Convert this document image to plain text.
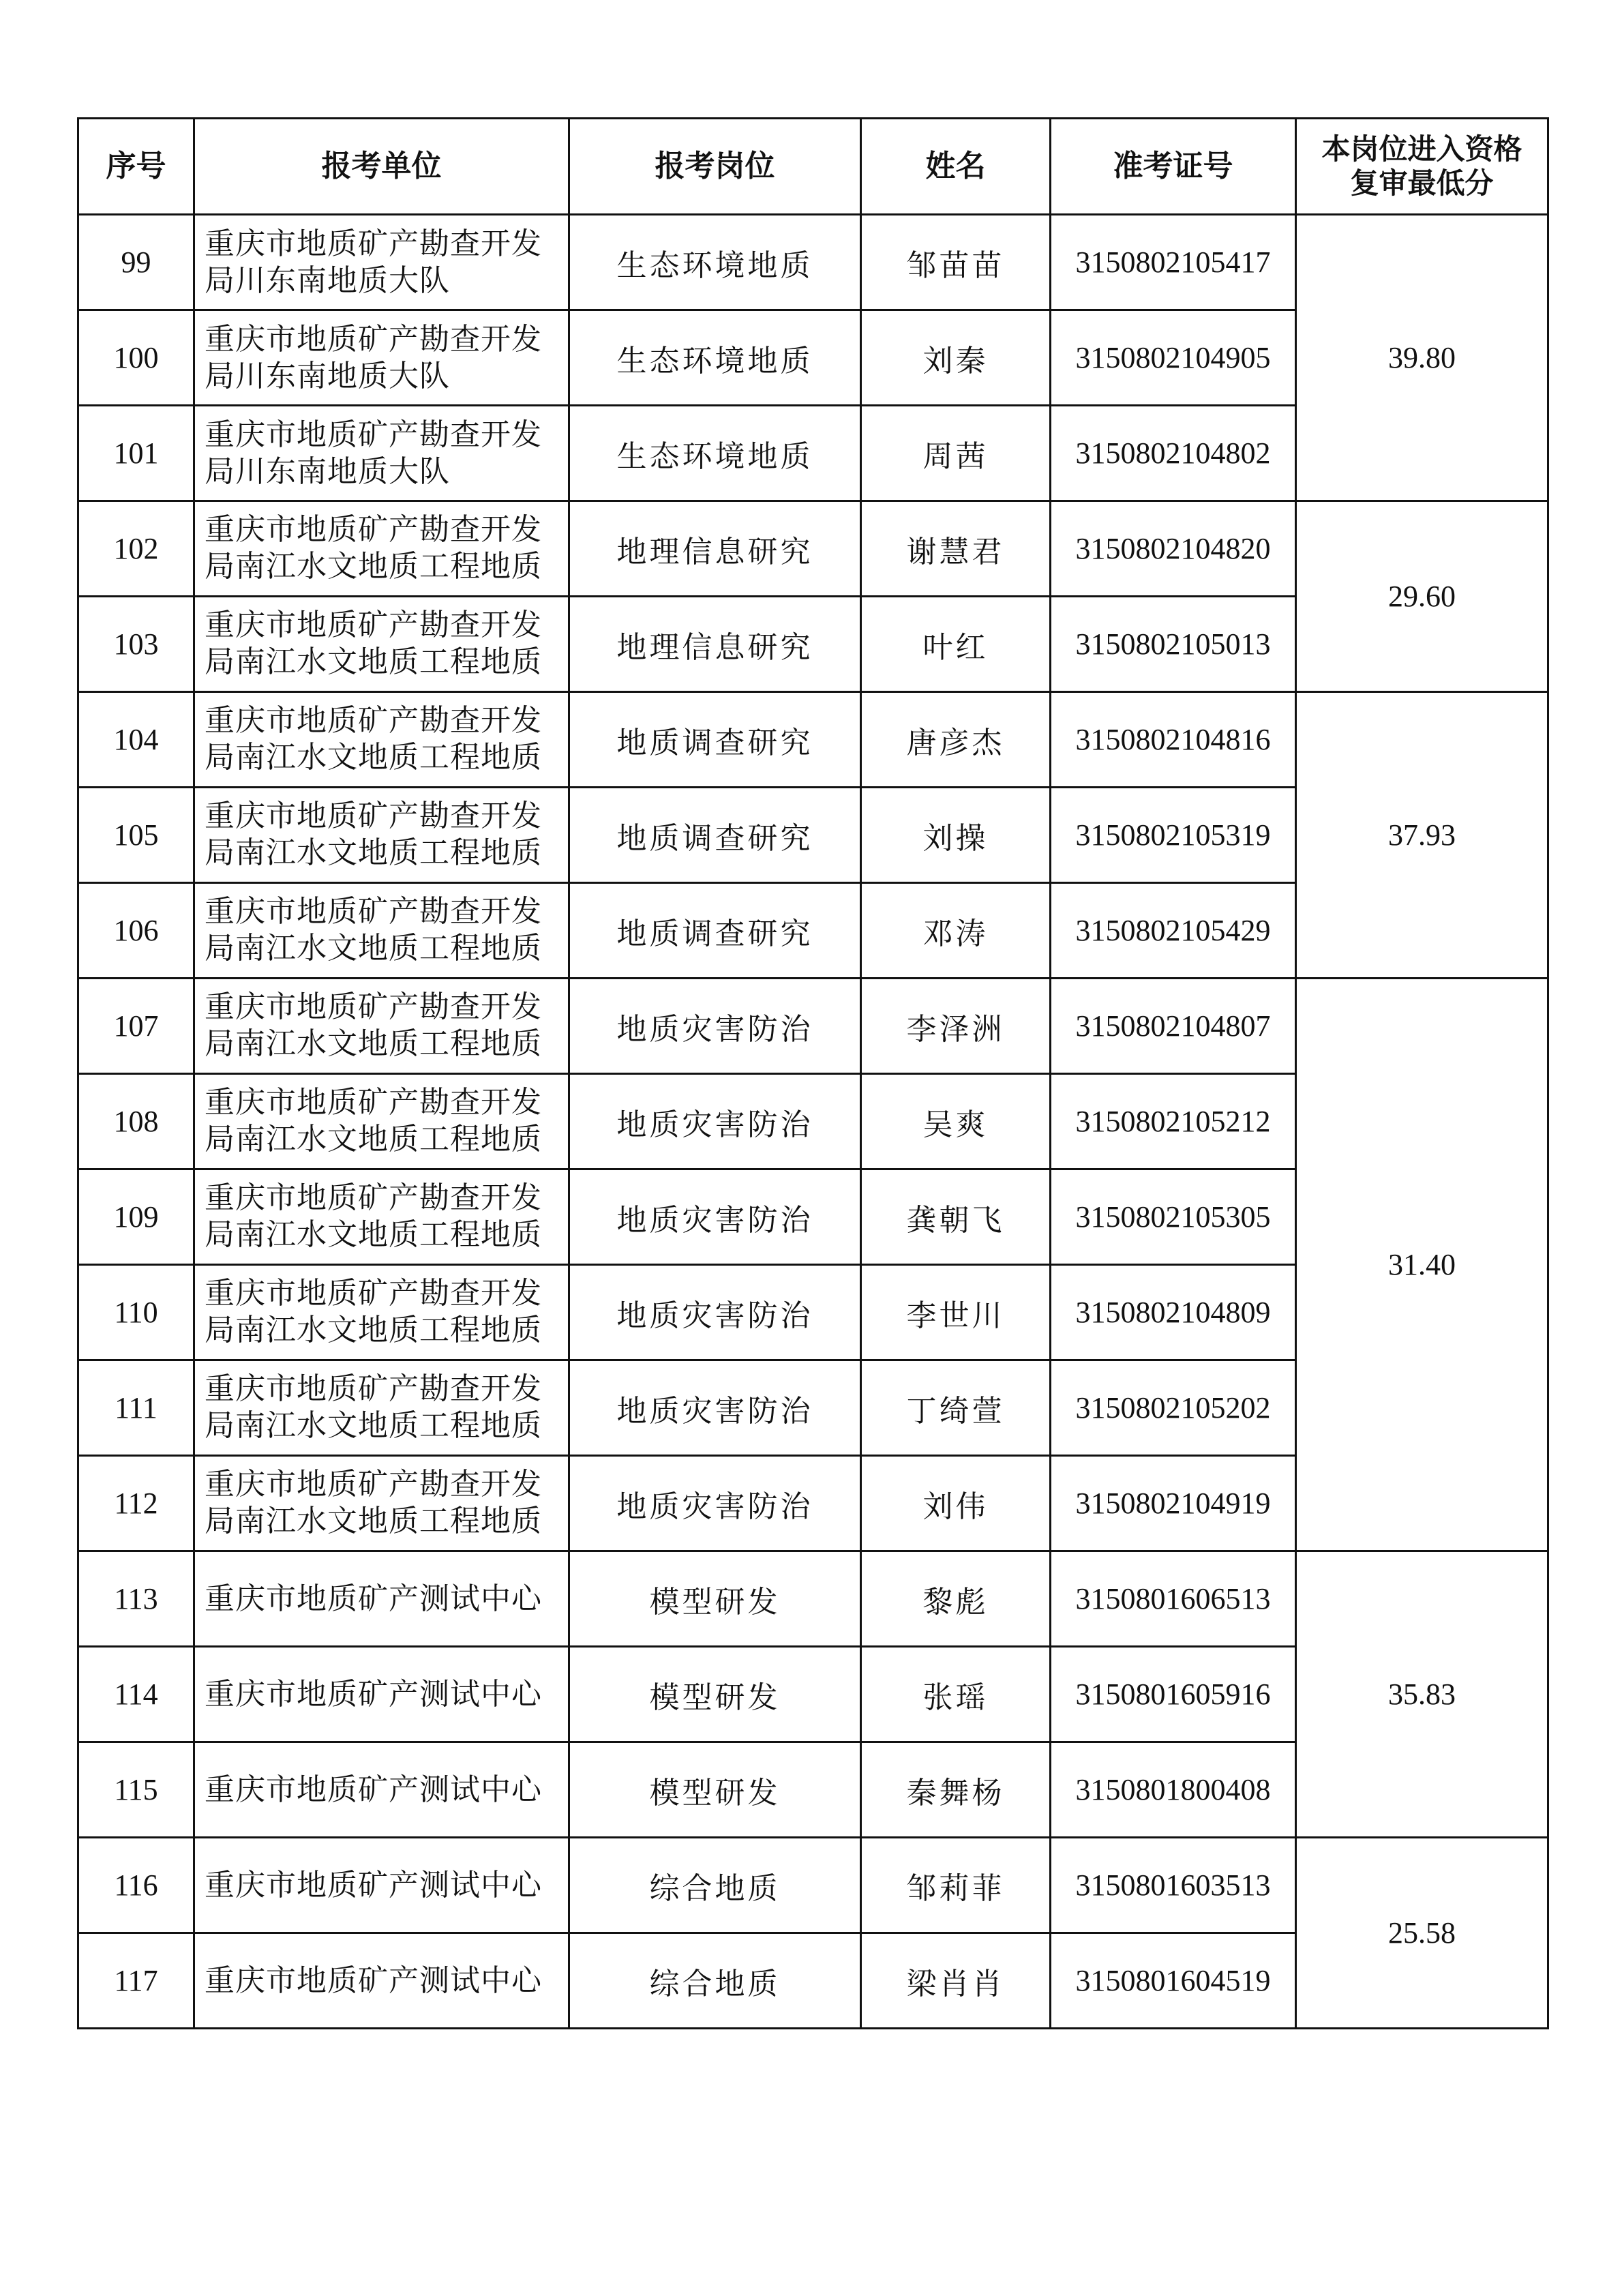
序号	报考单位	报考岗位	姓名	准考证号	本岗位进入资格
复审最低分

99	重庆市地质矿产勘查开发局川东南地质大队	生态环境地质	邹苗苗	3150802105417	39.80
100	重庆市地质矿产勘查开发局川东南地质大队	生态环境地质	刘秦	3150802104905	
101	重庆市地质矿产勘查开发局川东南地质大队	生态环境地质	周茜	3150802104802	
102	重庆市地质矿产勘查开发局南江水文地质工程地质	地理信息研究	谢慧君	3150802104820	29.60
103	重庆市地质矿产勘查开发局南江水文地质工程地质	地理信息研究	叶红	3150802105013	
104	重庆市地质矿产勘查开发局南江水文地质工程地质	地质调查研究	唐彦杰	3150802104816	37.93
105	重庆市地质矿产勘查开发局南江水文地质工程地质	地质调查研究	刘操	3150802105319	
106	重庆市地质矿产勘查开发局南江水文地质工程地质	地质调查研究	邓涛	3150802105429	
107	重庆市地质矿产勘查开发局南江水文地质工程地质	地质灾害防治	李泽洲	3150802104807	31.40
108	重庆市地质矿产勘查开发局南江水文地质工程地质	地质灾害防治	吴爽	3150802105212	
109	重庆市地质矿产勘查开发局南江水文地质工程地质	地质灾害防治	龚朝飞	3150802105305	
110	重庆市地质矿产勘查开发局南江水文地质工程地质	地质灾害防治	李世川	3150802104809	
111	重庆市地质矿产勘查开发局南江水文地质工程地质	地质灾害防治	丁绮萱	3150802105202	
112	重庆市地质矿产勘查开发局南江水文地质工程地质	地质灾害防治	刘伟	3150802104919	
113	重庆市地质矿产测试中心	模型研发	黎彪	3150801606513	35.83
114	重庆市地质矿产测试中心	模型研发	张瑶	3150801605916	
115	重庆市地质矿产测试中心	模型研发	秦舞杨	3150801800408	
116	重庆市地质矿产测试中心	综合地质	邹莉菲	3150801603513	25.58
117	重庆市地质矿产测试中心	综合地质	梁肖肖	3150801604519	
